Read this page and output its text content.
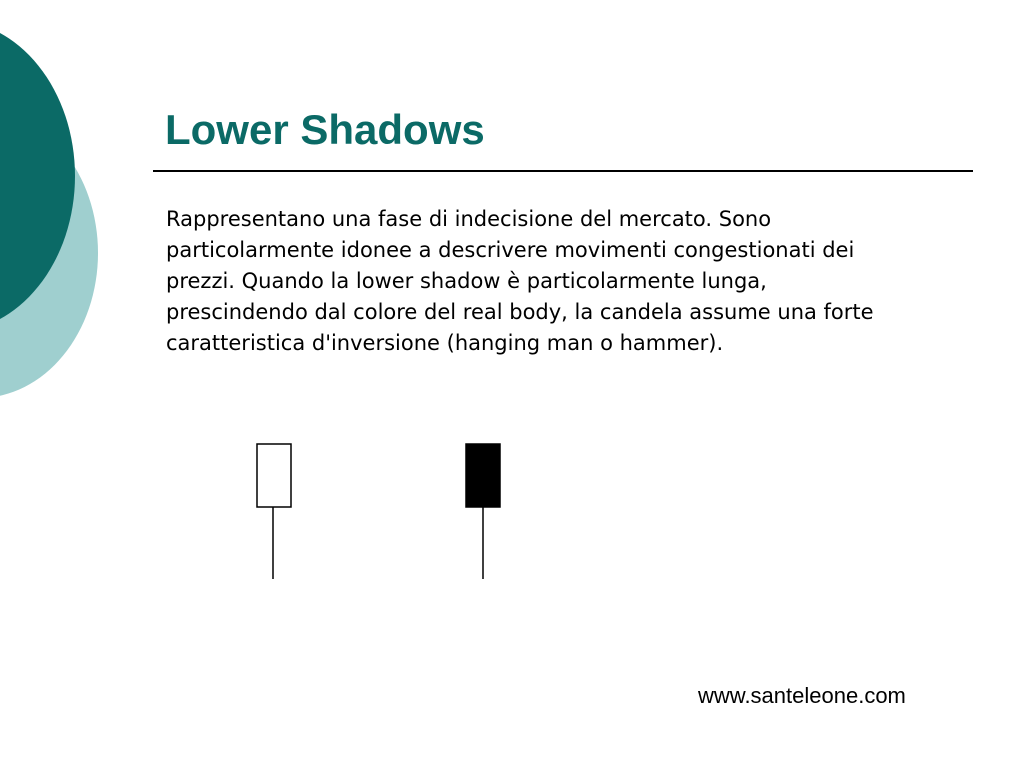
Lower Shadows

Rappresentano una fase di indecisione del mercato. Sono particolarmente idonee a descrivere movimenti congestionati dei prezzi. Quando la lower shadow è particolarmente lunga, prescindendo dal colore del real body, la candela assume una forte caratteristica d'inversione (hanging man o hammer).

www.santeleone.com
